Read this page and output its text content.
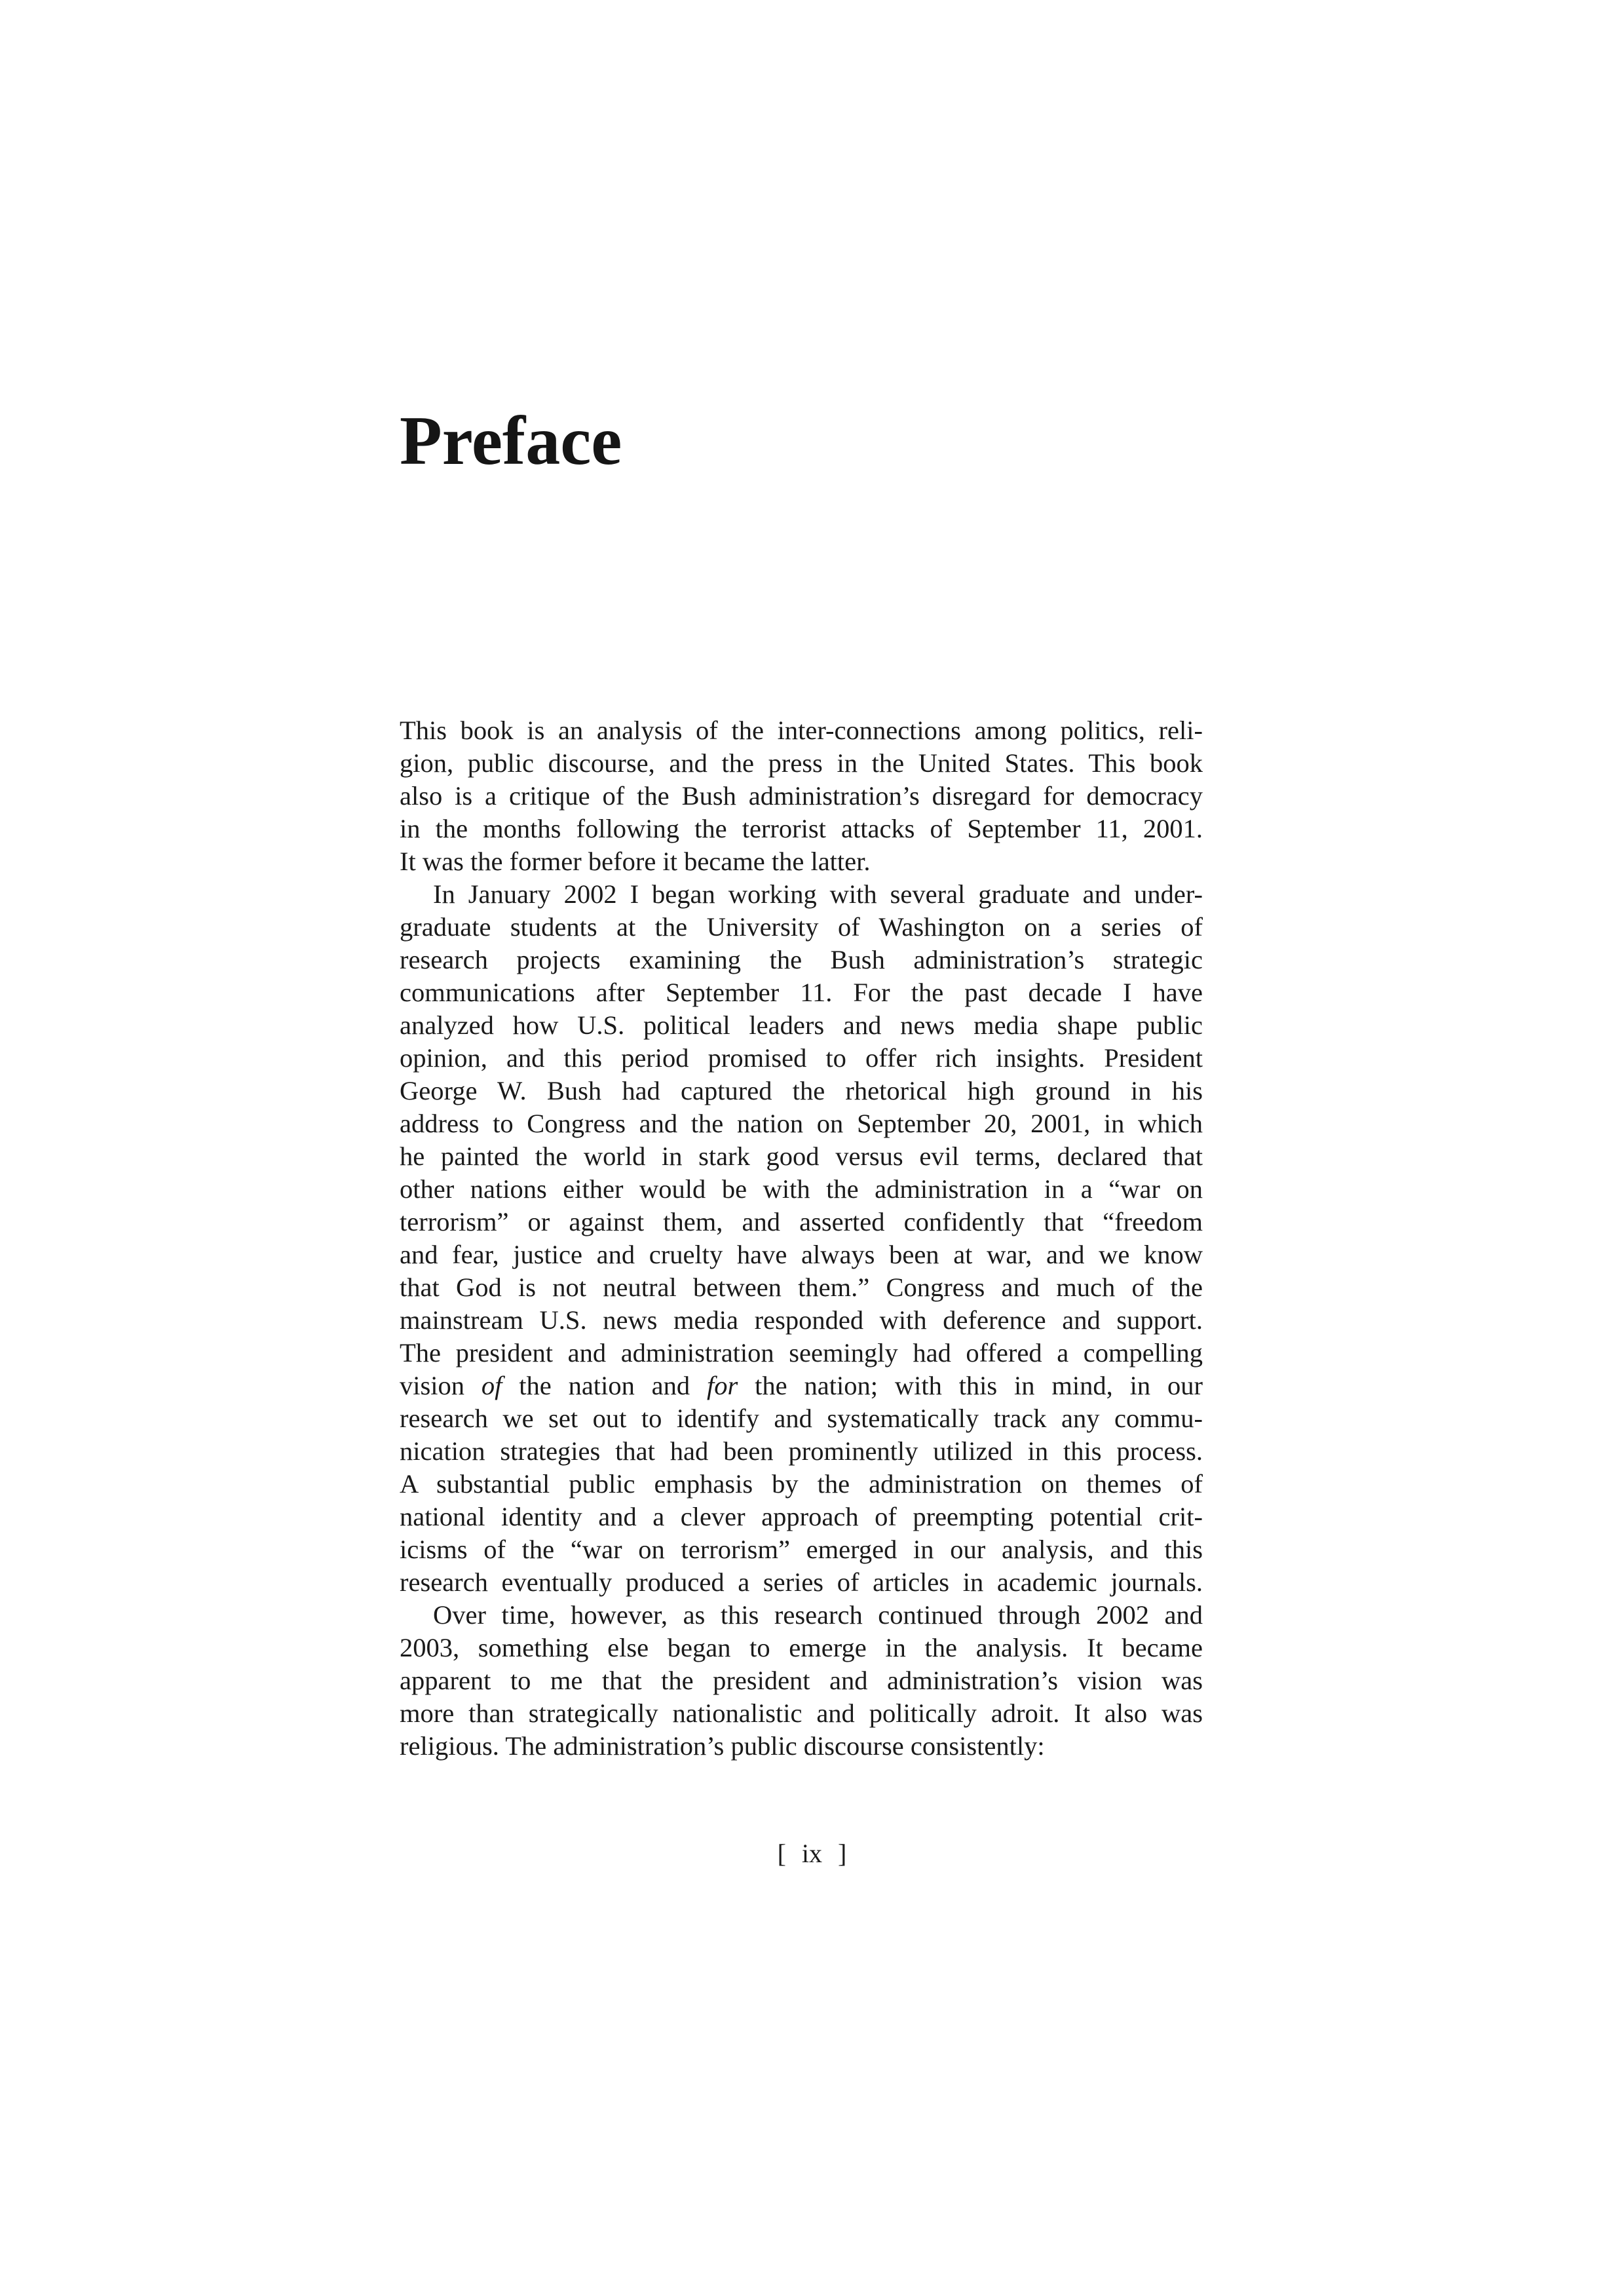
Preface

This book is an analysis of the inter-connections among politics, reli-
gion, public discourse, and the press in the United States. This book
also is a critique of the Bush administration’s disregard for democracy
in the months following the terrorist attacks of September 11, 2001.
It was the former before it became the latter.

In January 2002 I began working with several graduate and under-
graduate students at the University of Washington on a series of
research projects examining the Bush administration’s strategic
communications after September 11. For the past decade I have
analyzed how U.S. political leaders and news media shape public
opinion, and this period promised to offer rich insights. President
George W. Bush had captured the rhetorical high ground in his
address to Congress and the nation on September 20, 2001, in which
he painted the world in stark good versus evil terms, declared that
other nations either would be with the administration in a “war on
terrorism” or against them, and asserted confidently that “freedom
and fear, justice and cruelty have always been at war, and we know
that God is not neutral between them.” Congress and much of the
mainstream U.S. news media responded with deference and support.
The president and administration seemingly had offered a compelling
vision of the nation and for the nation; with this in mind, in our
research we set out to identify and systematically track any commu-
nication strategies that had been prominently utilized in this process.
A substantial public emphasis by the administration on themes of
national identity and a clever approach of preempting potential crit-
icisms of the “war on terrorism” emerged in our analysis, and this
research eventually produced a series of articles in academic journals.

Over time, however, as this research continued through 2002 and
2003, something else began to emerge in the analysis. It became
apparent to me that the president and administration’s vision was
more than strategically nationalistic and politically adroit. It also was
religious. The administration’s public discourse consistently:

[ ix ]
